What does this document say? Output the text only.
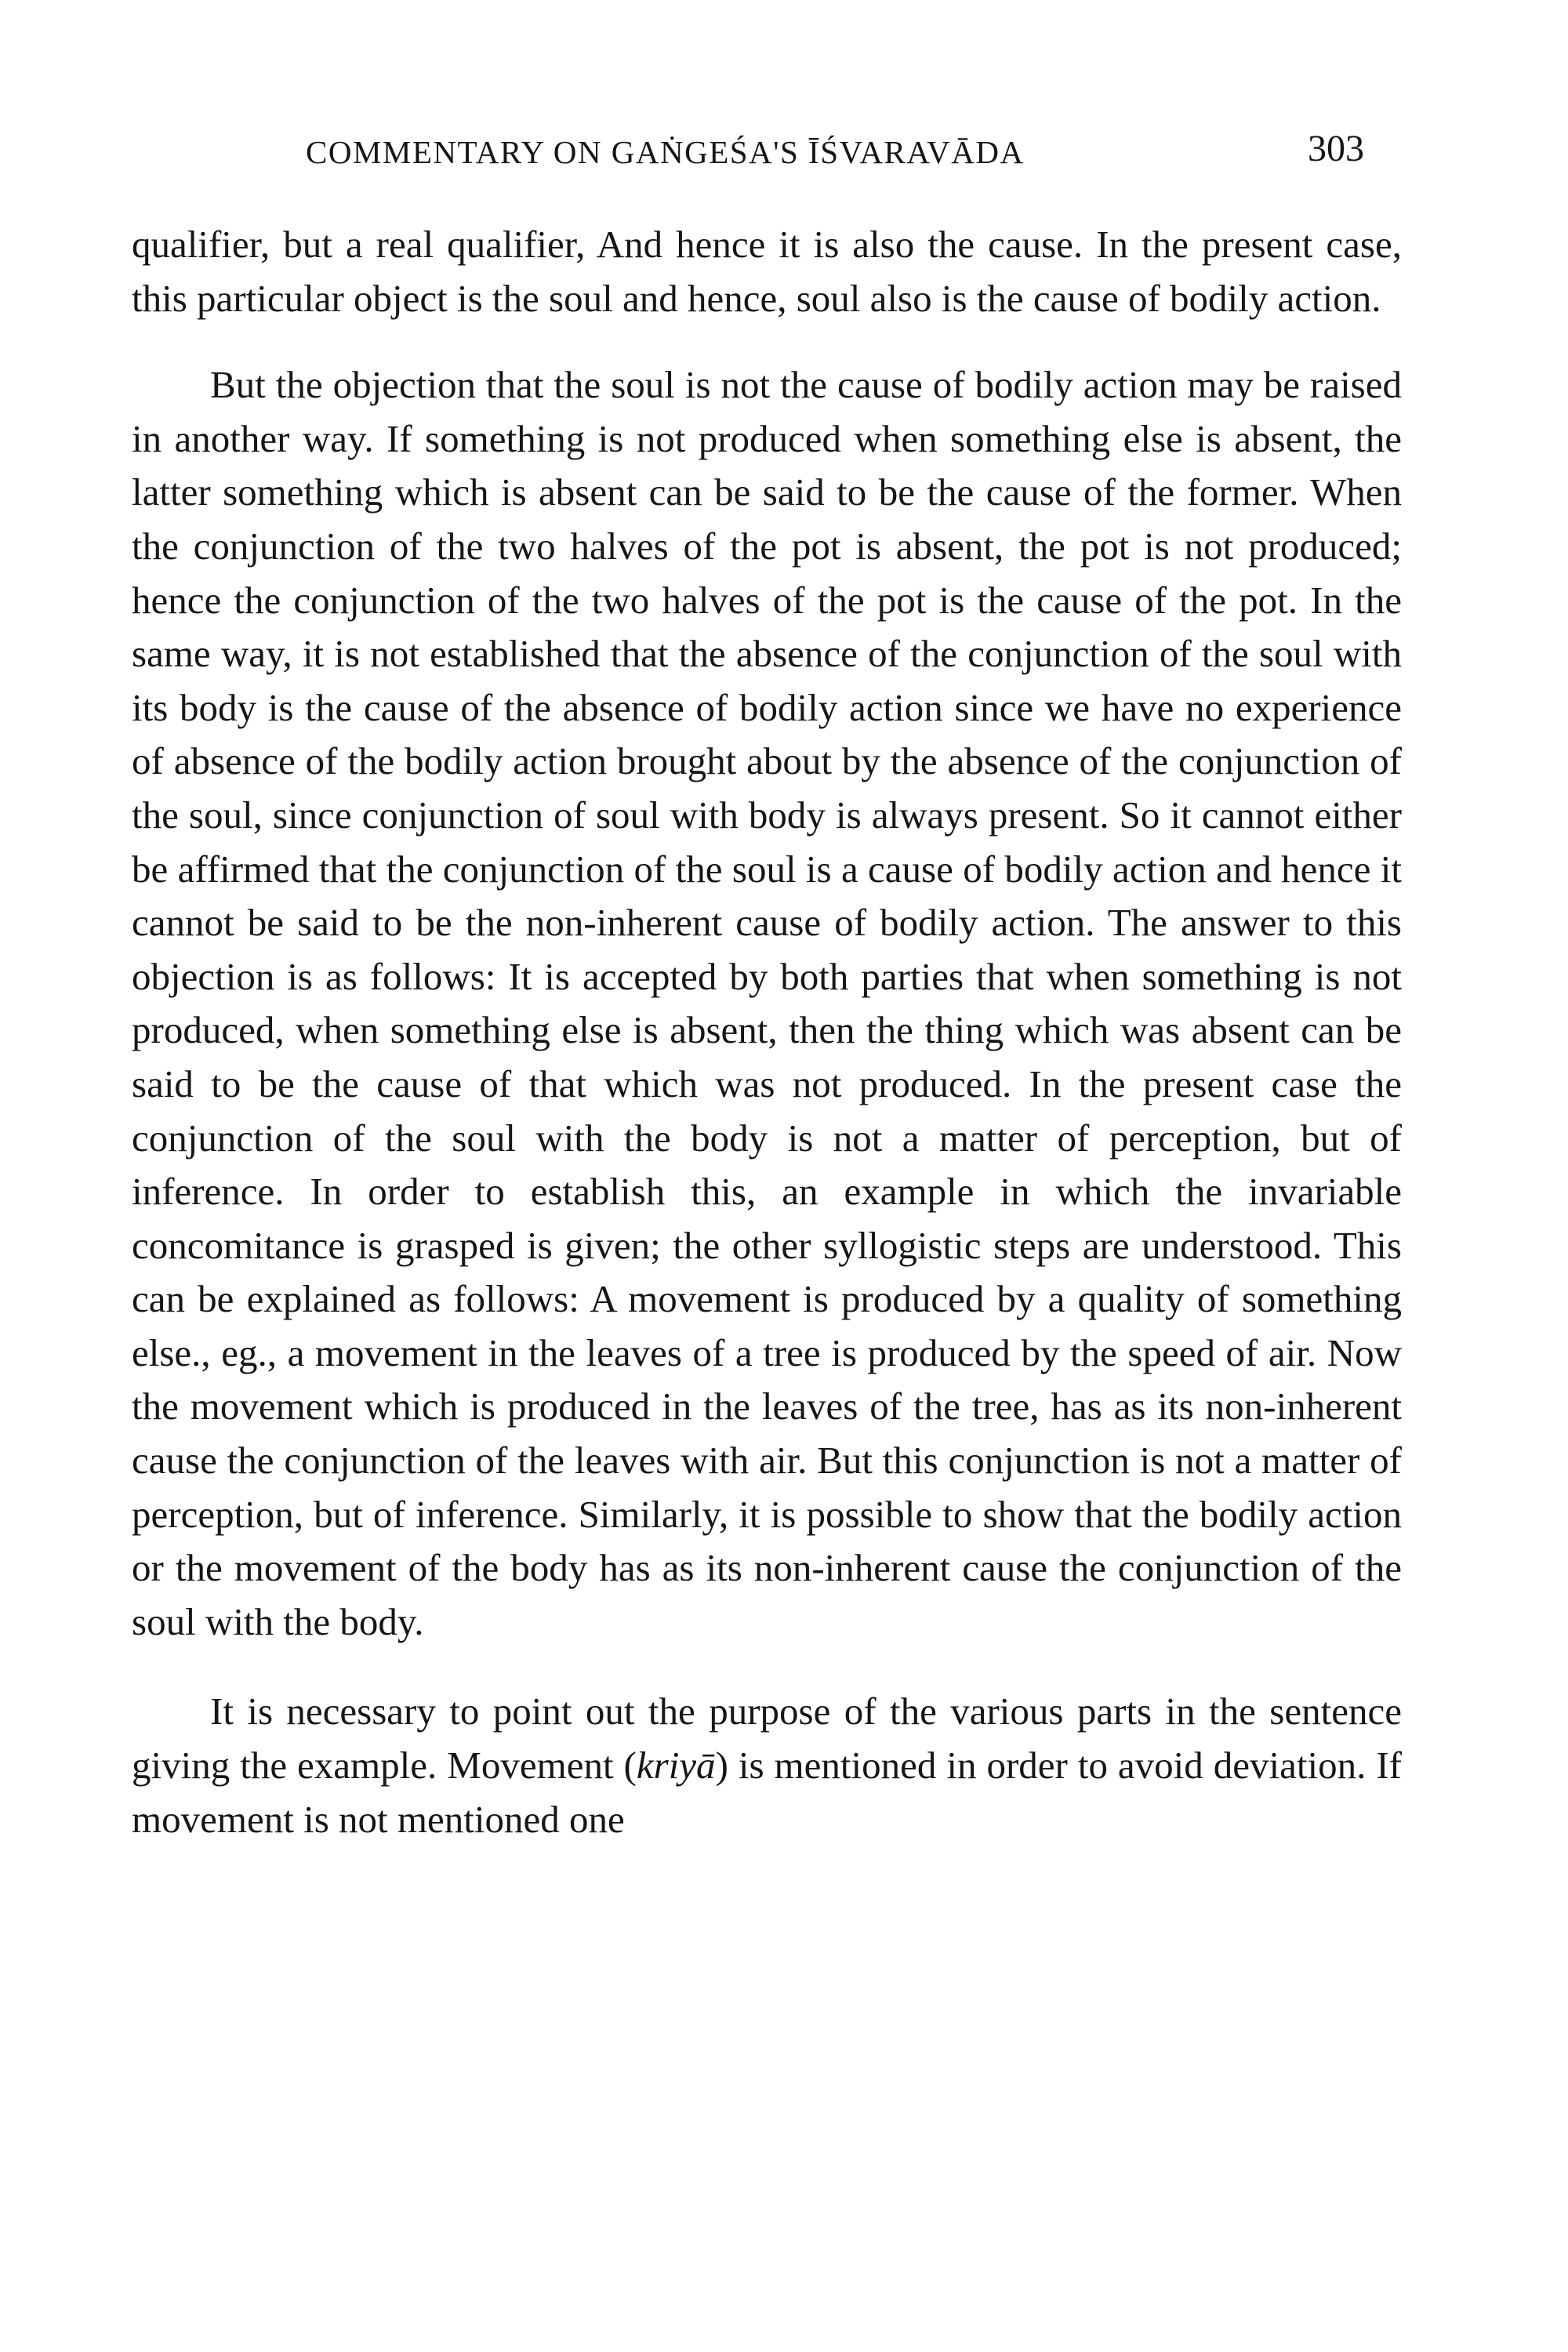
COMMENTARY ON GAṄGEŚA'S ĪŚVARAVĀDA	303

qualifier, but a real qualifier, And hence it is also the cause. In the present case, this particular object is the soul and hence, soul also is the cause of bodily action.

But the objection that the soul is not the cause of bodily action may be raised in another way. If something is not produced when something else is absent, the latter something which is absent can be said to be the cause of the former. When the conjunction of the two halves of the pot is absent, the pot is not produced; hence the conjunction of the two halves of the pot is the cause of the pot. In the same way, it is not established that the absence of the conjunction of the soul with its body is the cause of the absence of bodily action since we have no experience of absence of the bodily action brought about by the absence of the conjunction of the soul, since conjunction of soul with body is always present. So it cannot either be affirmed that the conjunction of the soul is a cause of bodily action and hence it cannot be said to be the non-inherent cause of bodily action. The answer to this objection is as follows: It is accepted by both parties that when something is not produced, when something else is absent, then the thing which was absent can be said to be the cause of that which was not produced. In the present case the conjunction of the soul with the body is not a matter of perception, but of inference. In order to establish this, an example in which the invariable concomitance is grasped is given; the other syllogistic steps are understood. This can be explained as follows: A movement is produced by a quality of something else., eg., a movement in the leaves of a tree is produced by the speed of air. Now the movement which is produced in the leaves of the tree, has as its non-inherent cause the conjunction of the leaves with air. But this conjunction is not a matter of perception, but of inference. Similarly, it is possible to show that the bodily action or the movement of the body has as its non-inherent cause the conjunction of the soul with the body.

It is necessary to point out the purpose of the various parts in the sentence giving the example. Movement (kriyā) is mentioned in order to avoid deviation. If movement is not mentioned one
